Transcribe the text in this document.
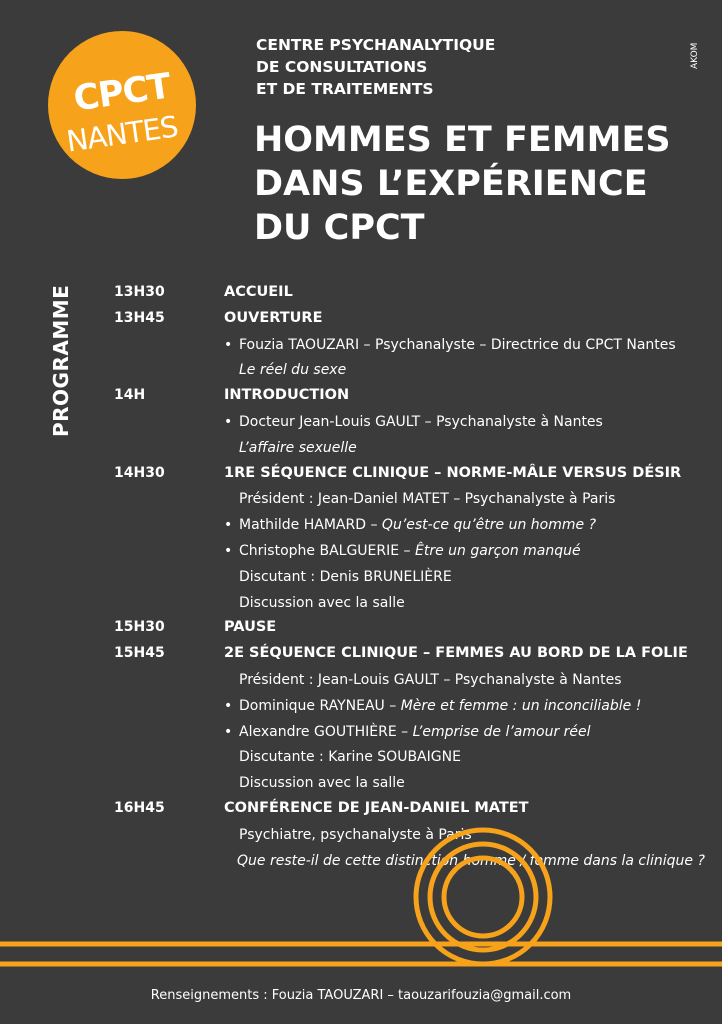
CPCT
NANTES
CENTRE PSYCHANALYTIQUE
DE CONSULTATIONS
ET DE TRAITEMENTS
AKOM
HOMMES ET FEMMES
DANS L’EXPÉRIENCE
DU CPCT
PROGRAMME	13H30	ACCUEIL
13H45	OUVERTURE
• Fouzia TAOUZARI – Psychanalyste – Directrice du CPCT Nantes
Le réel du sexe
14H	INTRODUCTION
• Docteur Jean-Louis GAULT – Psychanalyste à Nantes
L’affaire sexuelle
14H30	1RE SÉQUENCE CLINIQUE – NORME-MÂLE VERSUS DÉSIR
Président : Jean-Daniel MATET – Psychanalyste à Paris
• Mathilde HAMARD – Qu’est-ce qu’être un homme ?
• Christophe BALGUERIE – Être un garçon manqué
Discutant : Denis BRUNELIÈRE
Discussion avec la salle
15H30	PAUSE
15H45	2E SÉQUENCE CLINIQUE – FEMMES AU BORD DE LA FOLIE
Président : Jean-Louis GAULT – Psychanalyste à Nantes
• Dominique RAYNEAU – Mère et femme : un inconciliable !
• Alexandre GOUTHIÈRE – L’emprise de l’amour réel
Discutante : Karine SOUBAIGNE
Discussion avec la salle
16H45	CONFÉRENCE DE JEAN-DANIEL MATET
Psychiatre, psychanalyste à Paris
Que reste-il de cette distinction homme / femme dans la clinique ?
Renseignements : Fouzia TAOUZARI – taouzarifouzia@gmail.com
